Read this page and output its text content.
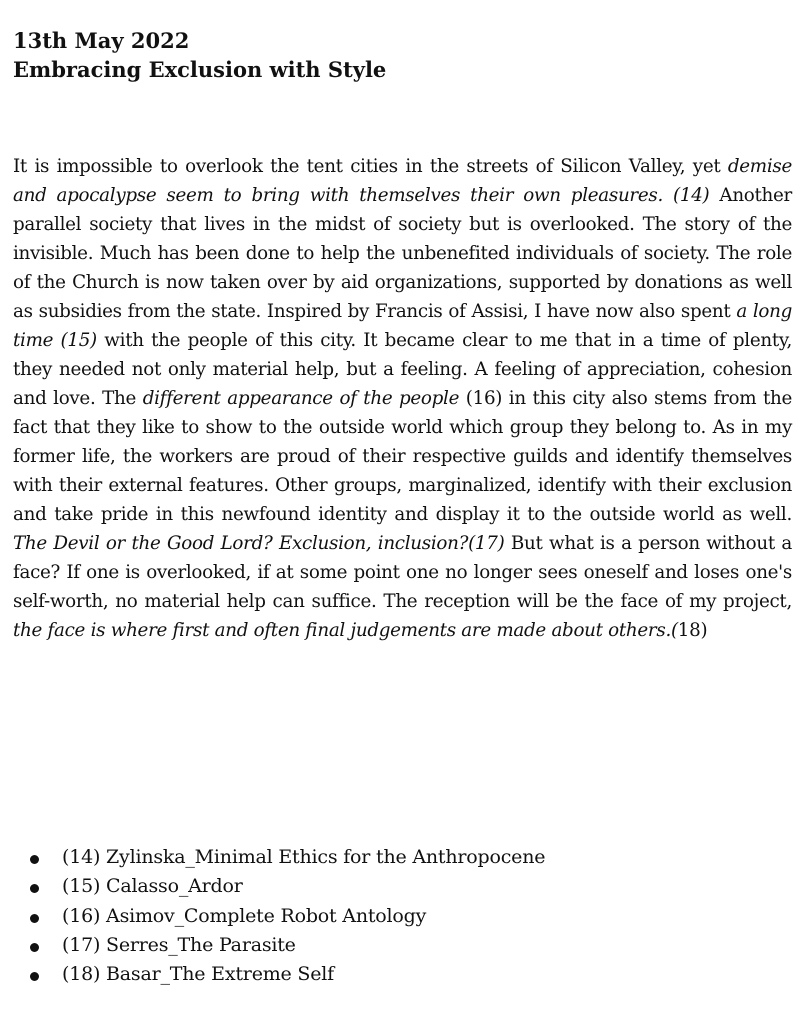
13th May 2022
Embracing Exclusion with Style

It is impossible to overlook the tent cities in the streets of Silicon Valley, yet demise and apocalypse seem to bring with themselves their own pleasures. (14) Another parallel society that lives in the midst of society but is overlooked. The story of the invisible. Much has been done to help the unbenefited individuals of society. The role of the Church is now taken over by aid organizations, supported by donations as well as subsidies from the state. Inspired by Francis of Assisi, I have now also spent a long time (15) with the people of this city. It became clear to me that in a time of plenty, they needed not only material help, but a feeling. A feeling of appreciation, cohesion and love. The different appearance of the people (16) in this city also stems from the fact that they like to show to the outside world which group they belong to. As in my former life, the workers are proud of their respective guilds and identify themselves with their external features. Other groups, marginalized, identify with their exclusion and take pride in this newfound identity and display it to the outside world as well. The Devil or the Good Lord? Exclusion, inclusion?(17) But what is a person without a face? If one is overlooked, if at some point one no longer sees oneself and loses one's self-worth, no material help can suffice. The reception will be the face of my project, the face is where first and often final judgements are made about others.(18)

(14) Zylinska_Minimal Ethics for the Anthropocene
(15) Calasso_Ardor
(16) Asimov_Complete Robot Antology
(17) Serres_The Parasite
(18) Basar_The Extreme Self
